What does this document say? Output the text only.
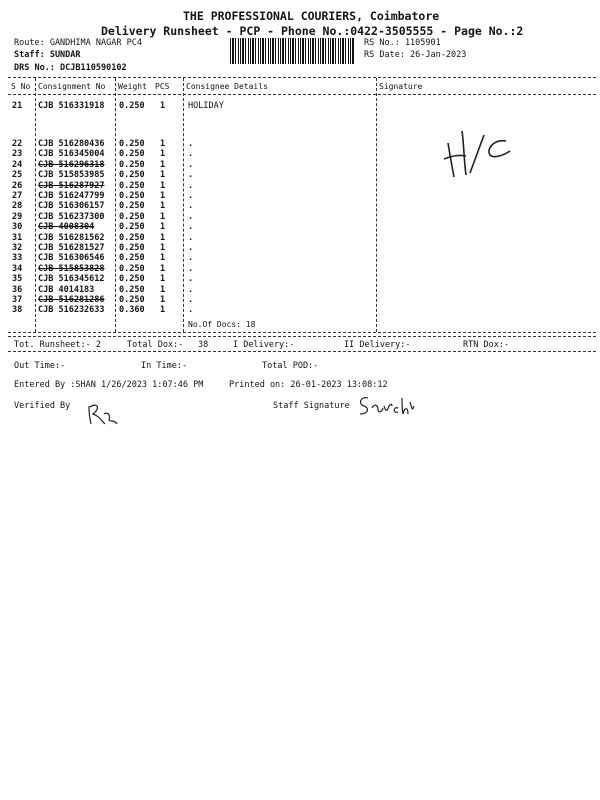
THE PROFESSIONAL COURIERS, Coimbatore
Delivery Runsheet - PCP - Phone No.:0422-3505555 - Page No.:2
Route: GANDHIMA NAGAR PC4
Staff: SUNDAR
DRS No.: DCJB110590102
RS No.: 1105901
RS Date: 26-Jan-2023
S No Consignment No Weight PCS Consignee Details	Signature
21 CJB 516331918 0.250 1	HOLIDAY
22 CJB 516280436 0.250 1	.
23 CJB 516345004 0.250 1	.
24 CJB 516296318 0.250 1	.
25 CJB 515853985 0.250 1	.
26 CJB 516287927 0.250 1	.
27 CJB 516247799 0.250 1	.
28 CJB 516306157 0.250 1	.
29 CJB 516237300 0.250 1	.
30 CJB 4008304	0.250 1	.
31 CJB 516281562 0.250 1	.
32 CJB 516281527 0.250 1	.
33 CJB 516306546 0.250 1	.
34 CJB 515853828 0.250 1	.
35 CJB 516345612 0.250 1	.
36 CJB 4014183	0.250 1	.
37 CJB 516281286 0.250 1	.
38 CJB 516232633 0.360 1	.
No.Of Docs: 18
Tot. Runsheet:- 2	Total Dox:- 38	I Delivery:-	II Delivery:-	RTN Dox:-
Out Time:-	In Time:-	Total POD:-
Entered By :SHAN 1/26/2023 1:07:46 PM	Printed on: 26-01-2023 13:08:12
Verified By	Staff Signature
